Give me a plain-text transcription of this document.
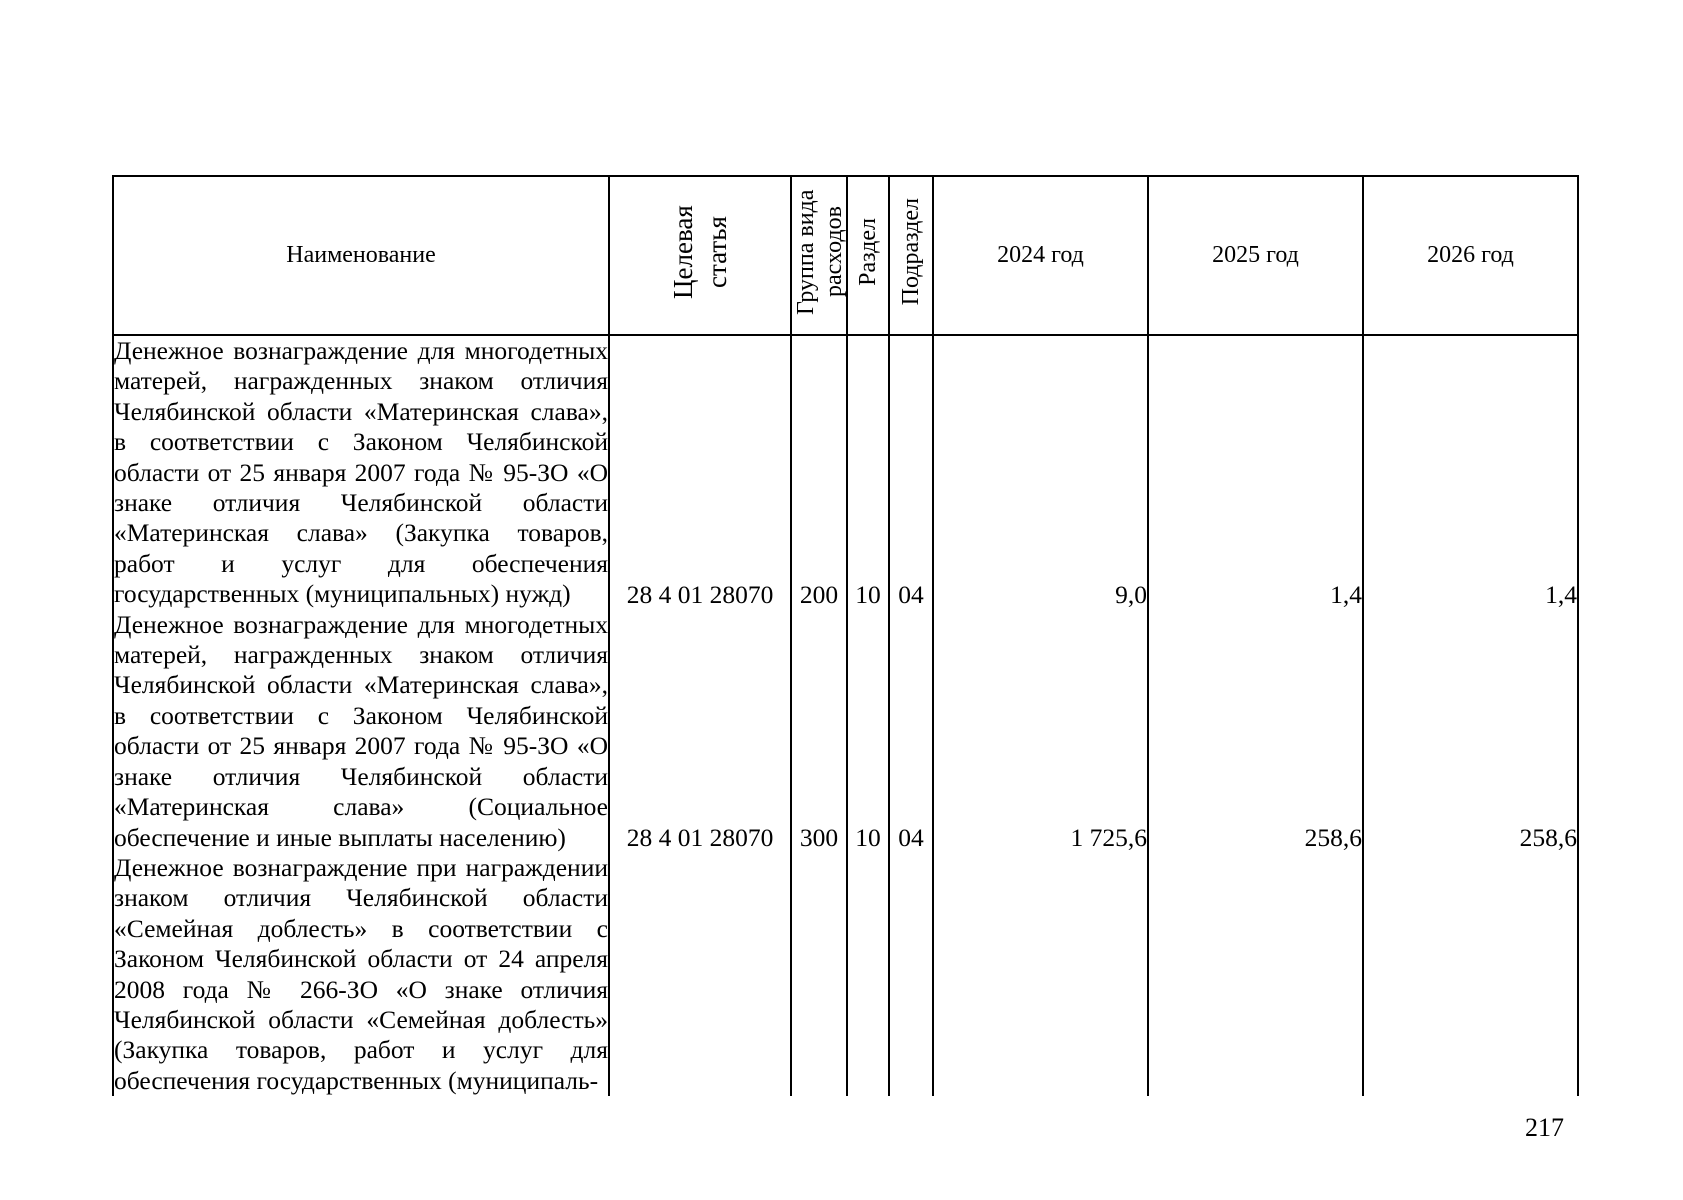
Наименование	Целевая статья	Группа вида расходов	Раздел	Подраздел	2024 год	2025 год	2026 год
Денежное вознаграждение для многодетных матерей, награжденных знаком отличия Челябинской области «Материнская слава», в соответствии с Законом Челябинской области от 25 января 2007 года № 95-ЗО «О знаке отличия Челябинской области «Материнская слава» (Закупка товаров, работ и услуг для обеспечения государственных (муниципальных) нужд)	28 4 01 28070	200	10	04	9,0	1,4	1,4
Денежное вознаграждение для многодетных матерей, награжденных знаком отличия Челябинской области «Материнская слава», в соответствии с Законом Челябинской области от 25 января 2007 года № 95-ЗО «О знаке отличия Челябинской области «Материнская слава» (Социальное обеспечение и иные выплаты населению)	28 4 01 28070	300	10	04	1 725,6	258,6	258,6
Денежное вознаграждение при награждении знаком отличия Челябинской области «Семейная доблесть» в соответствии с Законом Челябинской области от 24 апреля 2008 года № 266-ЗО «О знаке отличия Челябинской области «Семейная доблесть» (Закупка товаров, работ и услуг для обеспечения государственных (муниципаль-							
217
